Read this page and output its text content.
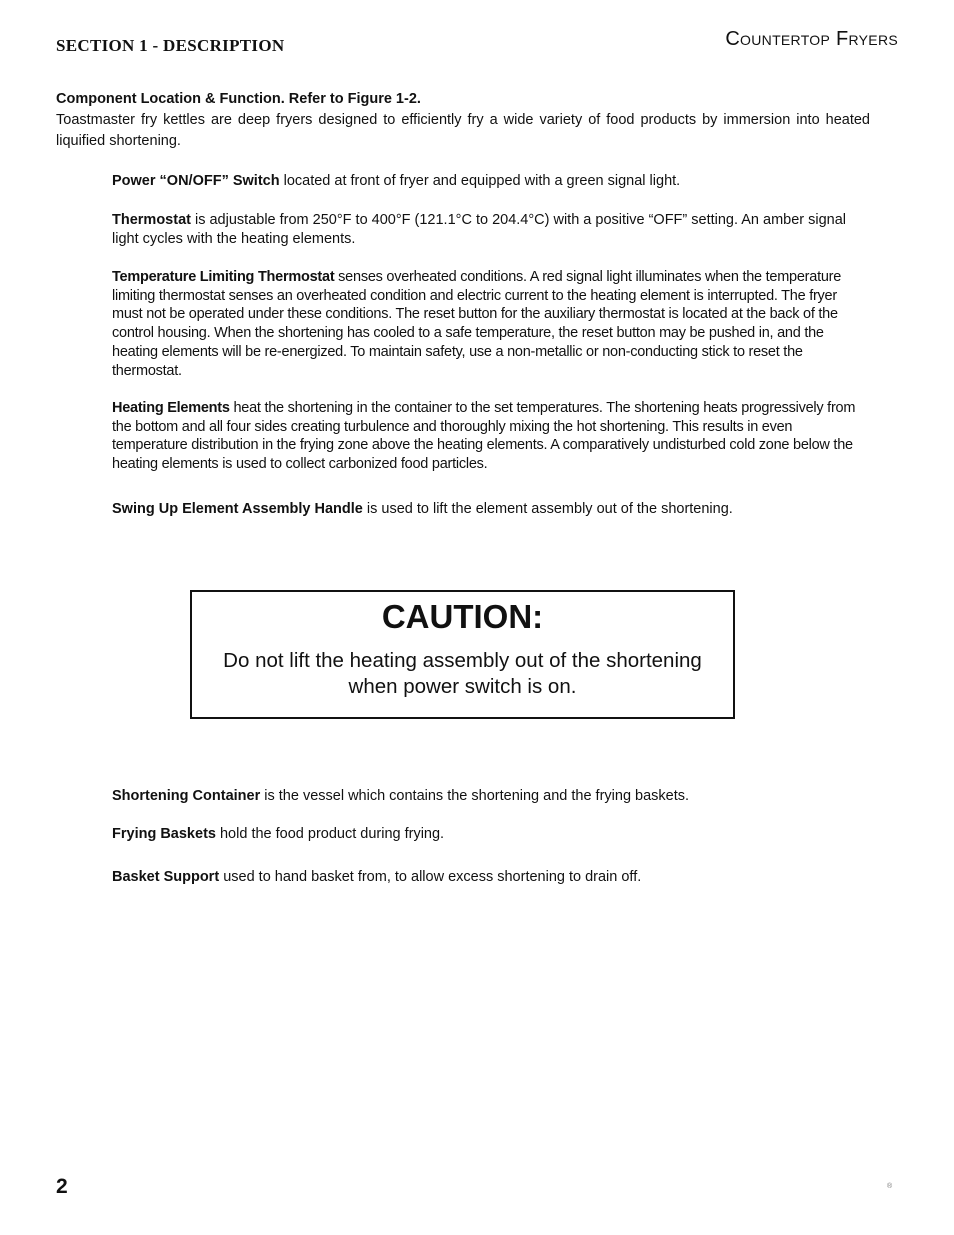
SECTION 1 - DESCRIPTION	Countertop Fryers
Component Location & Function. Refer to Figure 1-2.
Toastmaster fry kettles are deep fryers designed to efficiently fry a wide variety of food products by immersion into heated liquified shortening.

Power “ON/OFF” Switch located at front of fryer and equipped with a green signal light.

Thermostat is adjustable from 250°F to 400°F (121.1°C to 204.4°C) with a positive “OFF” setting. An amber signal light cycles with the heating elements.

Temperature Limiting Thermostat senses overheated conditions. A red signal light illuminates when the temperature limiting thermostat senses an overheated condition and electric current to the heating element is interrupted. The fryer must not be operated under these conditions. The reset button for the auxiliary thermostat is located at the back of the control housing. When the shortening has cooled to a safe temperature, the reset button may be pushed in, and the heating elements will be re-energized. To maintain safety, use a non-metallic or non-conducting stick to reset the thermostat.

Heating Elements heat the shortening in the container to the set temperatures. The shortening heats progressively from the bottom and all four sides creating turbulence and thoroughly mixing the hot shortening. This results in even temperature distribution in the frying zone above the heating elements. A comparatively undisturbed cold zone below the heating elements is used to collect carbonized food particles.

Swing Up Element Assembly Handle is used to lift the element assembly out of the shortening.

CAUTION:
Do not lift the heating assembly out of the shortening
when power switch is on.

Shortening Container is the vessel which contains the shortening and the frying baskets.

Frying Baskets hold the food product during frying.

Basket Support used to hand basket from, to allow excess shortening to drain off.

2	®
